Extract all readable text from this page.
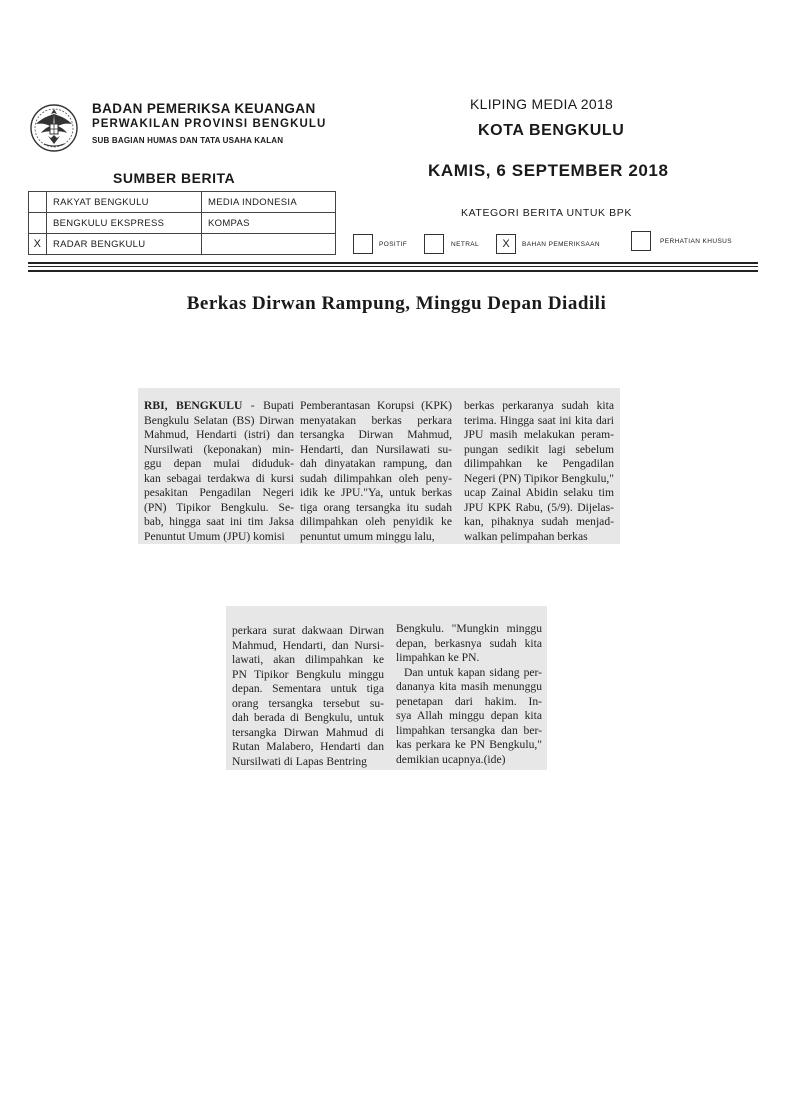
BADAN PEMERIKSA KEUANGAN
PERWAKILAN PROVINSI BENGKULU
SUB BAGIAN HUMAS DAN TATA USAHA KALAN
KLIPING MEDIA 2018
KOTA BENGKULU
KAMIS, 6 SEPTEMBER 2018
SUMBER BERITA
	RAKYAT BENGKULU	MEDIA INDONESIA
	BENGKULU EKSPRESS	KOMPAS
X	RADAR BENGKULU	
KATEGORI BERITA UNTUK BPK
POSITIF	NETRAL	X	BAHAN PEMERIKSAAN	PERHATIAN KHUSUS
Berkas Dirwan Rampung, Minggu Depan Diadili
RBI, BENGKULU - Bupati
Bengkulu Selatan (BS) Dirwan
Mahmud, Hendarti (istri) dan
Nursilwati (keponakan) min-
ggu depan mulai diduduk-
kan sebagai terdakwa di kursi
pesakitan Pengadilan Negeri
(PN) Tipikor Bengkulu. Se-
bab, hingga saat ini tim Jaksa
Penuntut Umum (JPU) komisi
Pemberantasan Korupsi (KPK)
menyatakan berkas perkara
tersangka Dirwan Mahmud,
Hendarti, dan Nursilawati su-
dah dinyatakan rampung, dan
sudah dilimpahkan oleh peny-
idik ke JPU."Ya, untuk berkas
tiga orang tersangka itu sudah
dilimpahkan oleh penyidik ke
penuntut umum minggu lalu,
berkas perkaranya sudah kita
terima. Hingga saat ini kita dari
JPU masih melakukan peram-
pungan sedikit lagi sebelum
dilimpahkan ke Pengadilan
Negeri (PN) Tipikor Bengkulu,"
ucap Zainal Abidin selaku tim
JPU KPK Rabu, (5/9). Dijelas-
kan, pihaknya sudah menjad-
walkan pelimpahan berkas
perkara surat dakwaan Dirwan
Mahmud, Hendarti, dan Nursi-
lawati, akan dilimpahkan ke
PN Tipikor Bengkulu minggu
depan. Sementara untuk tiga
orang tersangka tersebut su-
dah berada di Bengkulu, untuk
tersangka Dirwan Mahmud di
Rutan Malabero, Hendarti dan
Nursilwati di Lapas Bentring
Bengkulu. "Mungkin minggu
depan, berkasnya sudah kita
limpahkan ke PN.
Dan untuk kapan sidang per-
dananya kita masih menunggu
penetapan dari hakim. In-
sya Allah minggu depan kita
limpahkan tersangka dan ber-
kas perkara ke PN Bengkulu,"
demikian ucapnya.(ide)
